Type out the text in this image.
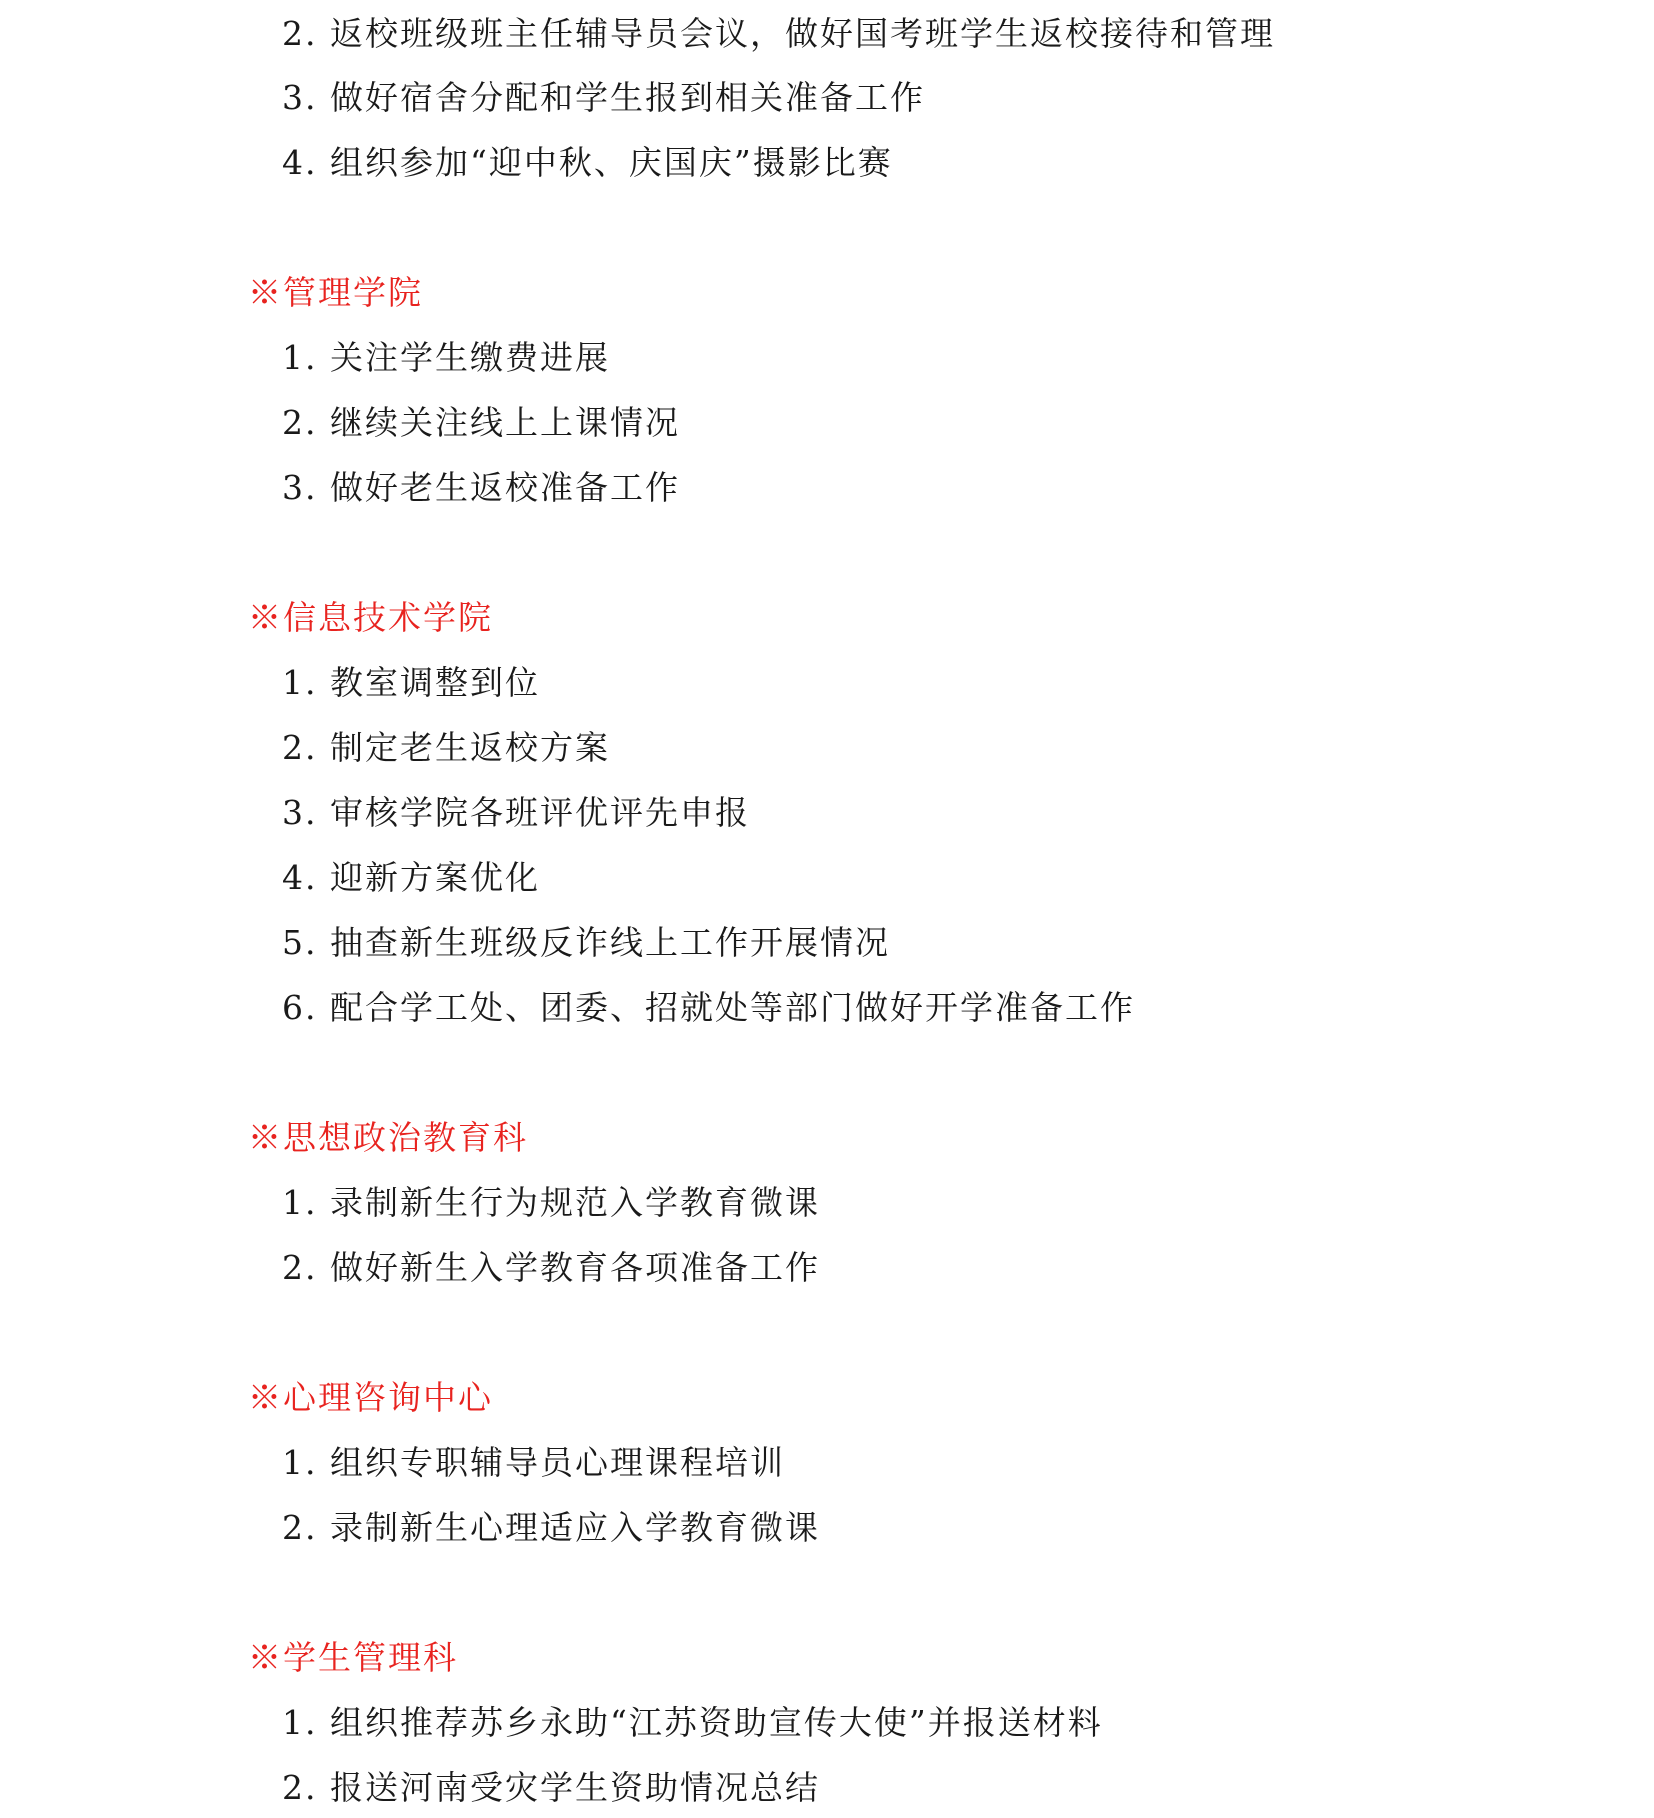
2. 返校班级班主任辅导员会议，做好国考班学生返校接待和管理
3. 做好宿舍分配和学生报到相关准备工作
4. 组织参加“迎中秋、庆国庆”摄影比赛
※管理学院
1. 关注学生缴费进展
2. 继续关注线上上课情况
3. 做好老生返校准备工作
※信息技术学院
1. 教室调整到位
2. 制定老生返校方案
3. 审核学院各班评优评先申报
4. 迎新方案优化
5. 抽查新生班级反诈线上工作开展情况
6. 配合学工处、团委、招就处等部门做好开学准备工作
※思想政治教育科
1. 录制新生行为规范入学教育微课
2. 做好新生入学教育各项准备工作
※心理咨询中心
1. 组织专职辅导员心理课程培训
2. 录制新生心理适应入学教育微课
※学生管理科
1. 组织推荐苏乡永助“江苏资助宣传大使”并报送材料
2. 报送河南受灾学生资助情况总结
